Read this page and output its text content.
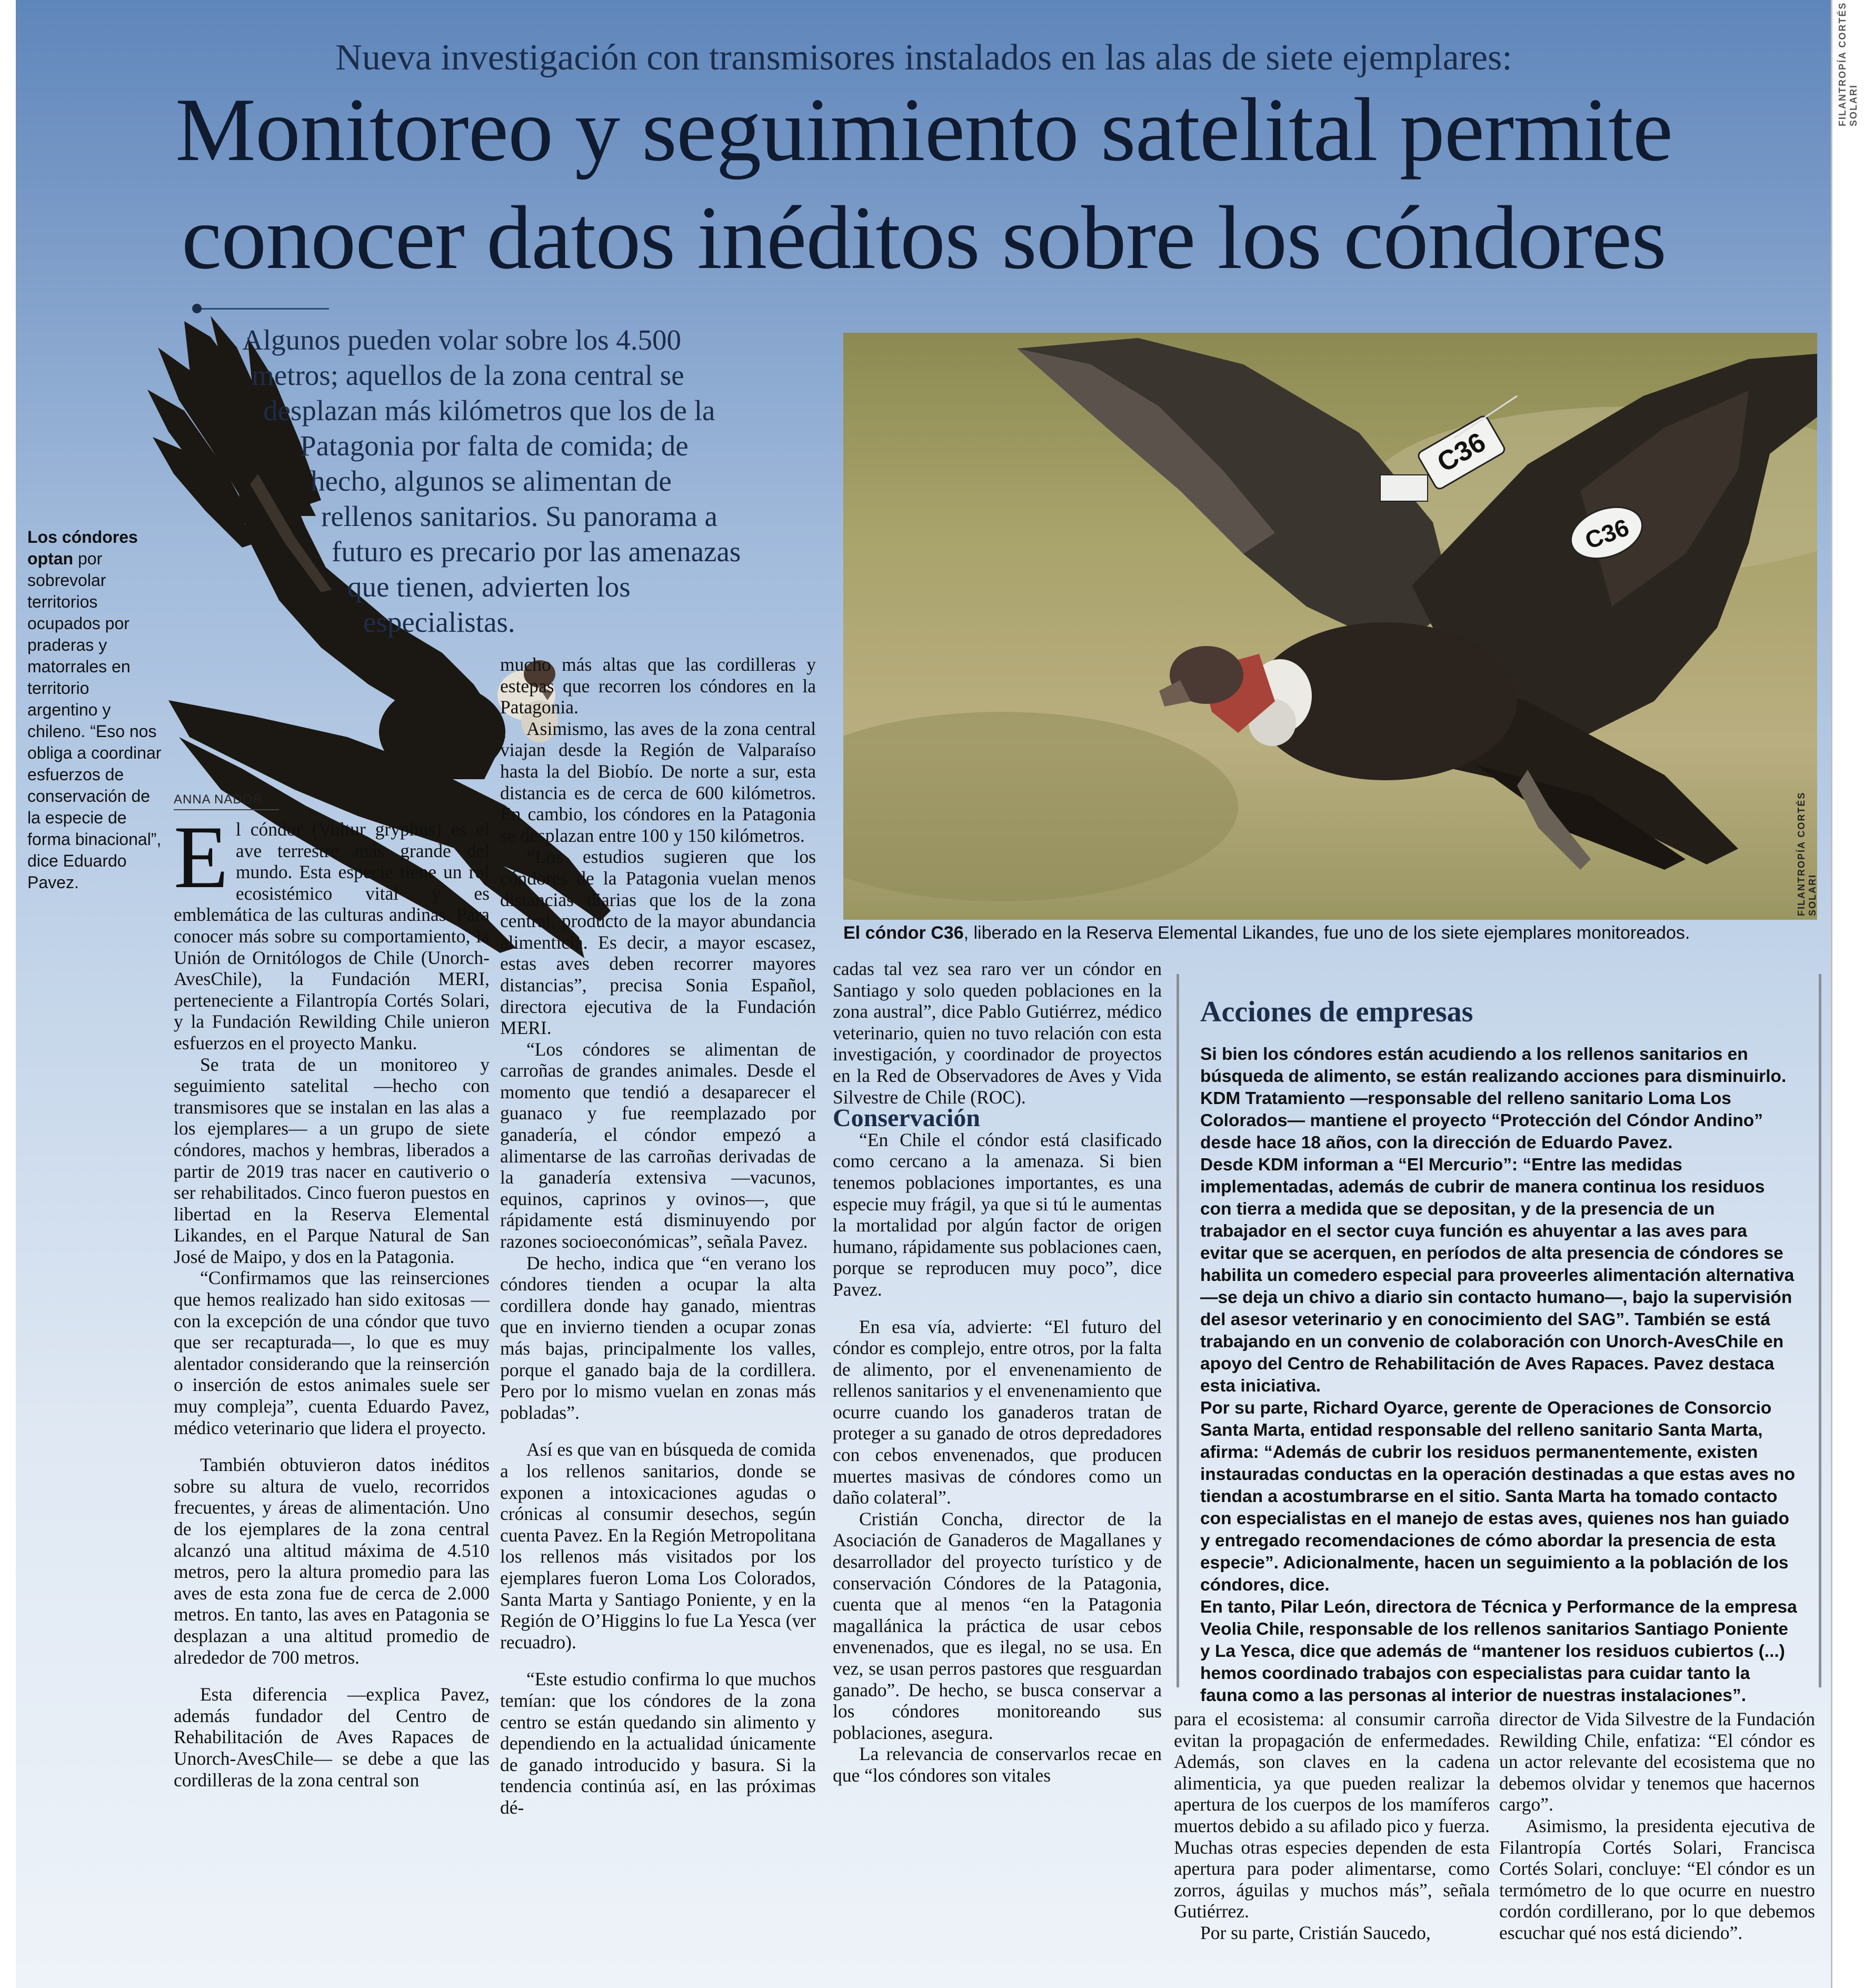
Nueva investigación con transmisores instalados en las alas de siete ejemplares:
Monitoreo y seguimiento satelital permite
conocer datos inéditos sobre los cóndores
Algunos pueden volar sobre los 4.500
metros; aquellos de la zona central se
desplazan más kilómetros que los de la
Patagonia por falta de comida; de
hecho, algunos se alimentan de
rellenos sanitarios. Su panorama a
futuro es precario por las amenazas
que tienen, advierten los
especialistas.
Los cóndores optan por sobrevolar territorios ocupados por praderas y matorrales en territorio argentino y chileno. “Eso nos obliga a coordinar esfuerzos de conservación de la especie de forma binacional”, dice Eduardo Pavez.
ANNA NADOR

El cóndor (Vultur gryphus) es el ave terrestre más grande del mundo. Esta especie tiene un rol ecosistémico vital y es emblemática de las culturas andinas. Para conocer más sobre su comportamiento, la Unión de Ornitólogos de Chile (Unorch-AvesChile), la Fundación MERI, perteneciente a Filantropía Cortés Solari, y la Fundación Rewilding Chile unieron esfuerzos en el proyecto Manku.

Se trata de un monitoreo y seguimiento satelital —hecho con transmisores que se instalan en las alas a los ejemplares— a un grupo de siete cóndores, machos y hembras, liberados a partir de 2019 tras nacer en cautiverio o ser rehabilitados. Cinco fueron puestos en libertad en la Reserva Elemental Likandes, en el Parque Natural de San José de Maipo, y dos en la Patagonia.

“Confirmamos que las reinserciones que hemos realizado han sido exitosas —con la excepción de una cóndor que tuvo que ser recapturada—, lo que es muy alentador considerando que la reinserción o inserción de estos animales suele ser muy compleja”, cuenta Eduardo Pavez, médico veterinario que lidera el proyecto.

También obtuvieron datos inéditos sobre su altura de vuelo, recorridos frecuentes, y áreas de alimentación. Uno de los ejemplares de la zona central alcanzó una altitud máxima de 4.510 metros, pero la altura promedio para las aves de esta zona fue de cerca de 2.000 metros. En tanto, las aves en Patagonia se desplazan a una altitud promedio de alrededor de 700 metros.

Esta diferencia —explica Pavez, además fundador del Centro de Rehabilitación de Aves Rapaces de Unorch-AvesChile— se debe a que las cordilleras de la zona central son

mucho más altas que las cordilleras y estepas que recorren los cóndores en la Patagonia.

Asimismo, las aves de la zona central viajan desde la Región de Valparaíso hasta la del Biobío. De norte a sur, esta distancia es de cerca de 600 kilómetros. En cambio, los cóndores en la Patagonia se desplazan entre 100 y 150 kilómetros.

“Los estudios sugieren que los cóndores de la Patagonia vuelan menos distancias diarias que los de la zona central, producto de la mayor abundancia alimenticia. Es decir, a mayor escasez, estas aves deben recorrer mayores distancias”, precisa Sonia Español, directora ejecutiva de la Fundación MERI.

“Los cóndores se alimentan de carroñas de grandes animales. Desde el momento que tendió a desaparecer el guanaco y fue reemplazado por ganadería, el cóndor empezó a alimentarse de las carroñas derivadas de la ganadería extensiva —vacunos, equinos, caprinos y ovinos—, que rápidamente está disminuyendo por razones socioeconómicas”, señala Pavez.

De hecho, indica que “en verano los cóndores tienden a ocupar la alta cordillera donde hay ganado, mientras que en invierno tienden a ocupar zonas más bajas, principalmente los valles, porque el ganado baja de la cordillera. Pero por lo mismo vuelan en zonas más pobladas”.

Así es que van en búsqueda de comida a los rellenos sanitarios, donde se exponen a intoxicaciones agudas o crónicas al consumir desechos, según cuenta Pavez. En la Región Metropolitana los rellenos más visitados por los ejemplares fueron Loma Los Colorados, Santa Marta y Santiago Poniente, y en la Región de O’Higgins lo fue La Yesca (ver recuadro).

“Este estudio confirma lo que muchos temían: que los cóndores de la zona centro se están quedando sin alimento y dependiendo en la actualidad únicamente de ganado introducido y basura. Si la tendencia continúa así, en las próximas dé-

C36
C36
FILANTROPÍA CORTÉS SOLARI
El cóndor C36, liberado en la Reserva Elemental Likandes, fue uno de los siete ejemplares monitoreados.

cadas tal vez sea raro ver un cóndor en Santiago y solo queden poblaciones en la zona austral”, dice Pablo Gutiérrez, médico veterinario, quien no tuvo relación con esta investigación, y coordinador de proyectos en la Red de Observadores de Aves y Vida Silvestre de Chile (ROC).

Conservación

“En Chile el cóndor está clasificado como cercano a la amenaza. Si bien tenemos poblaciones importantes, es una especie muy frágil, ya que si tú le aumentas la mortalidad por algún factor de origen humano, rápidamente sus poblaciones caen, porque se reproducen muy poco”, dice Pavez.

En esa vía, advierte: “El futuro del cóndor es complejo, entre otros, por la falta de alimento, por el envenenamiento de rellenos sanitarios y el envenenamiento que ocurre cuando los ganaderos tratan de proteger a su ganado de otros depredadores con cebos envenenados, que producen muertes masivas de cóndores como un daño colateral”.

Cristián Concha, director de la Asociación de Ganaderos de Magallanes y desarrollador del proyecto turístico y de conservación Cóndores de la Patagonia, cuenta que al menos “en la Patagonia magallánica la práctica de usar cebos envenenados, que es ilegal, no se usa. En vez, se usan perros pastores que resguardan ganado”. De hecho, se busca conservar a los cóndores monitoreando sus poblaciones, asegura.

La relevancia de conservarlos recae en que “los cóndores son vitales

Acciones de empresas

Si bien los cóndores están acudiendo a los rellenos sanitarios en búsqueda de alimento, se están realizando acciones para disminuirlo. KDM Tratamiento —responsable del relleno sanitario Loma Los Colorados— mantiene el proyecto “Protección del Cóndor Andino” desde hace 18 años, con la dirección de Eduardo Pavez.

Desde KDM informan a “El Mercurio”: “Entre las medidas implementadas, además de cubrir de manera continua los residuos con tierra a medida que se depositan, y de la presencia de un trabajador en el sector cuya función es ahuyentar a las aves para evitar que se acerquen, en períodos de alta presencia de cóndores se habilita un comedero especial para proveerles alimentación alternativa —se deja un chivo a diario sin contacto humano—, bajo la supervisión del asesor veterinario y en conocimiento del SAG”. También se está trabajando en un convenio de colaboración con Unorch-AvesChile en apoyo del Centro de Rehabilitación de Aves Rapaces. Pavez destaca esta iniciativa.

Por su parte, Richard Oyarce, gerente de Operaciones de Consorcio Santa Marta, entidad responsable del relleno sanitario Santa Marta, afirma: “Además de cubrir los residuos permanentemente, existen instauradas conductas en la operación destinadas a que estas aves no tiendan a acostumbrarse en el sitio. Santa Marta ha tomado contacto con especialistas en el manejo de estas aves, quienes nos han guiado y entregado recomendaciones de cómo abordar la presencia de esta especie”. Adicionalmente, hacen un seguimiento a la población de los cóndores, dice.

En tanto, Pilar León, directora de Técnica y Performance de la empresa Veolia Chile, responsable de los rellenos sanitarios Santiago Poniente y La Yesca, dice que además de “mantener los residuos cubiertos (...) hemos coordinado trabajos con especialistas para cuidar tanto la fauna como a las personas al interior de nuestras instalaciones”.

para el ecosistema: al consumir carroña evitan la propagación de enfermedades. Además, son claves en la cadena alimenticia, ya que pueden realizar la apertura de los cuerpos de los mamíferos muertos debido a su afilado pico y fuerza. Muchas otras especies dependen de esta apertura para poder alimentarse, como zorros, águilas y muchos más”, señala Gutiérrez.

Por su parte, Cristián Saucedo,

director de Vida Silvestre de la Fundación Rewilding Chile, enfatiza: “El cóndor es un actor relevante del ecosistema que no debemos olvidar y tenemos que hacernos cargo”.

Asimismo, la presidenta ejecutiva de Filantropía Cortés Solari, Francisca Cortés Solari, concluye: “El cóndor es un termómetro de lo que ocurre en nuestro cordón cordillerano, por lo que debemos escuchar qué nos está diciendo”.

FILANTROPÍA CORTÉS SOLARI
